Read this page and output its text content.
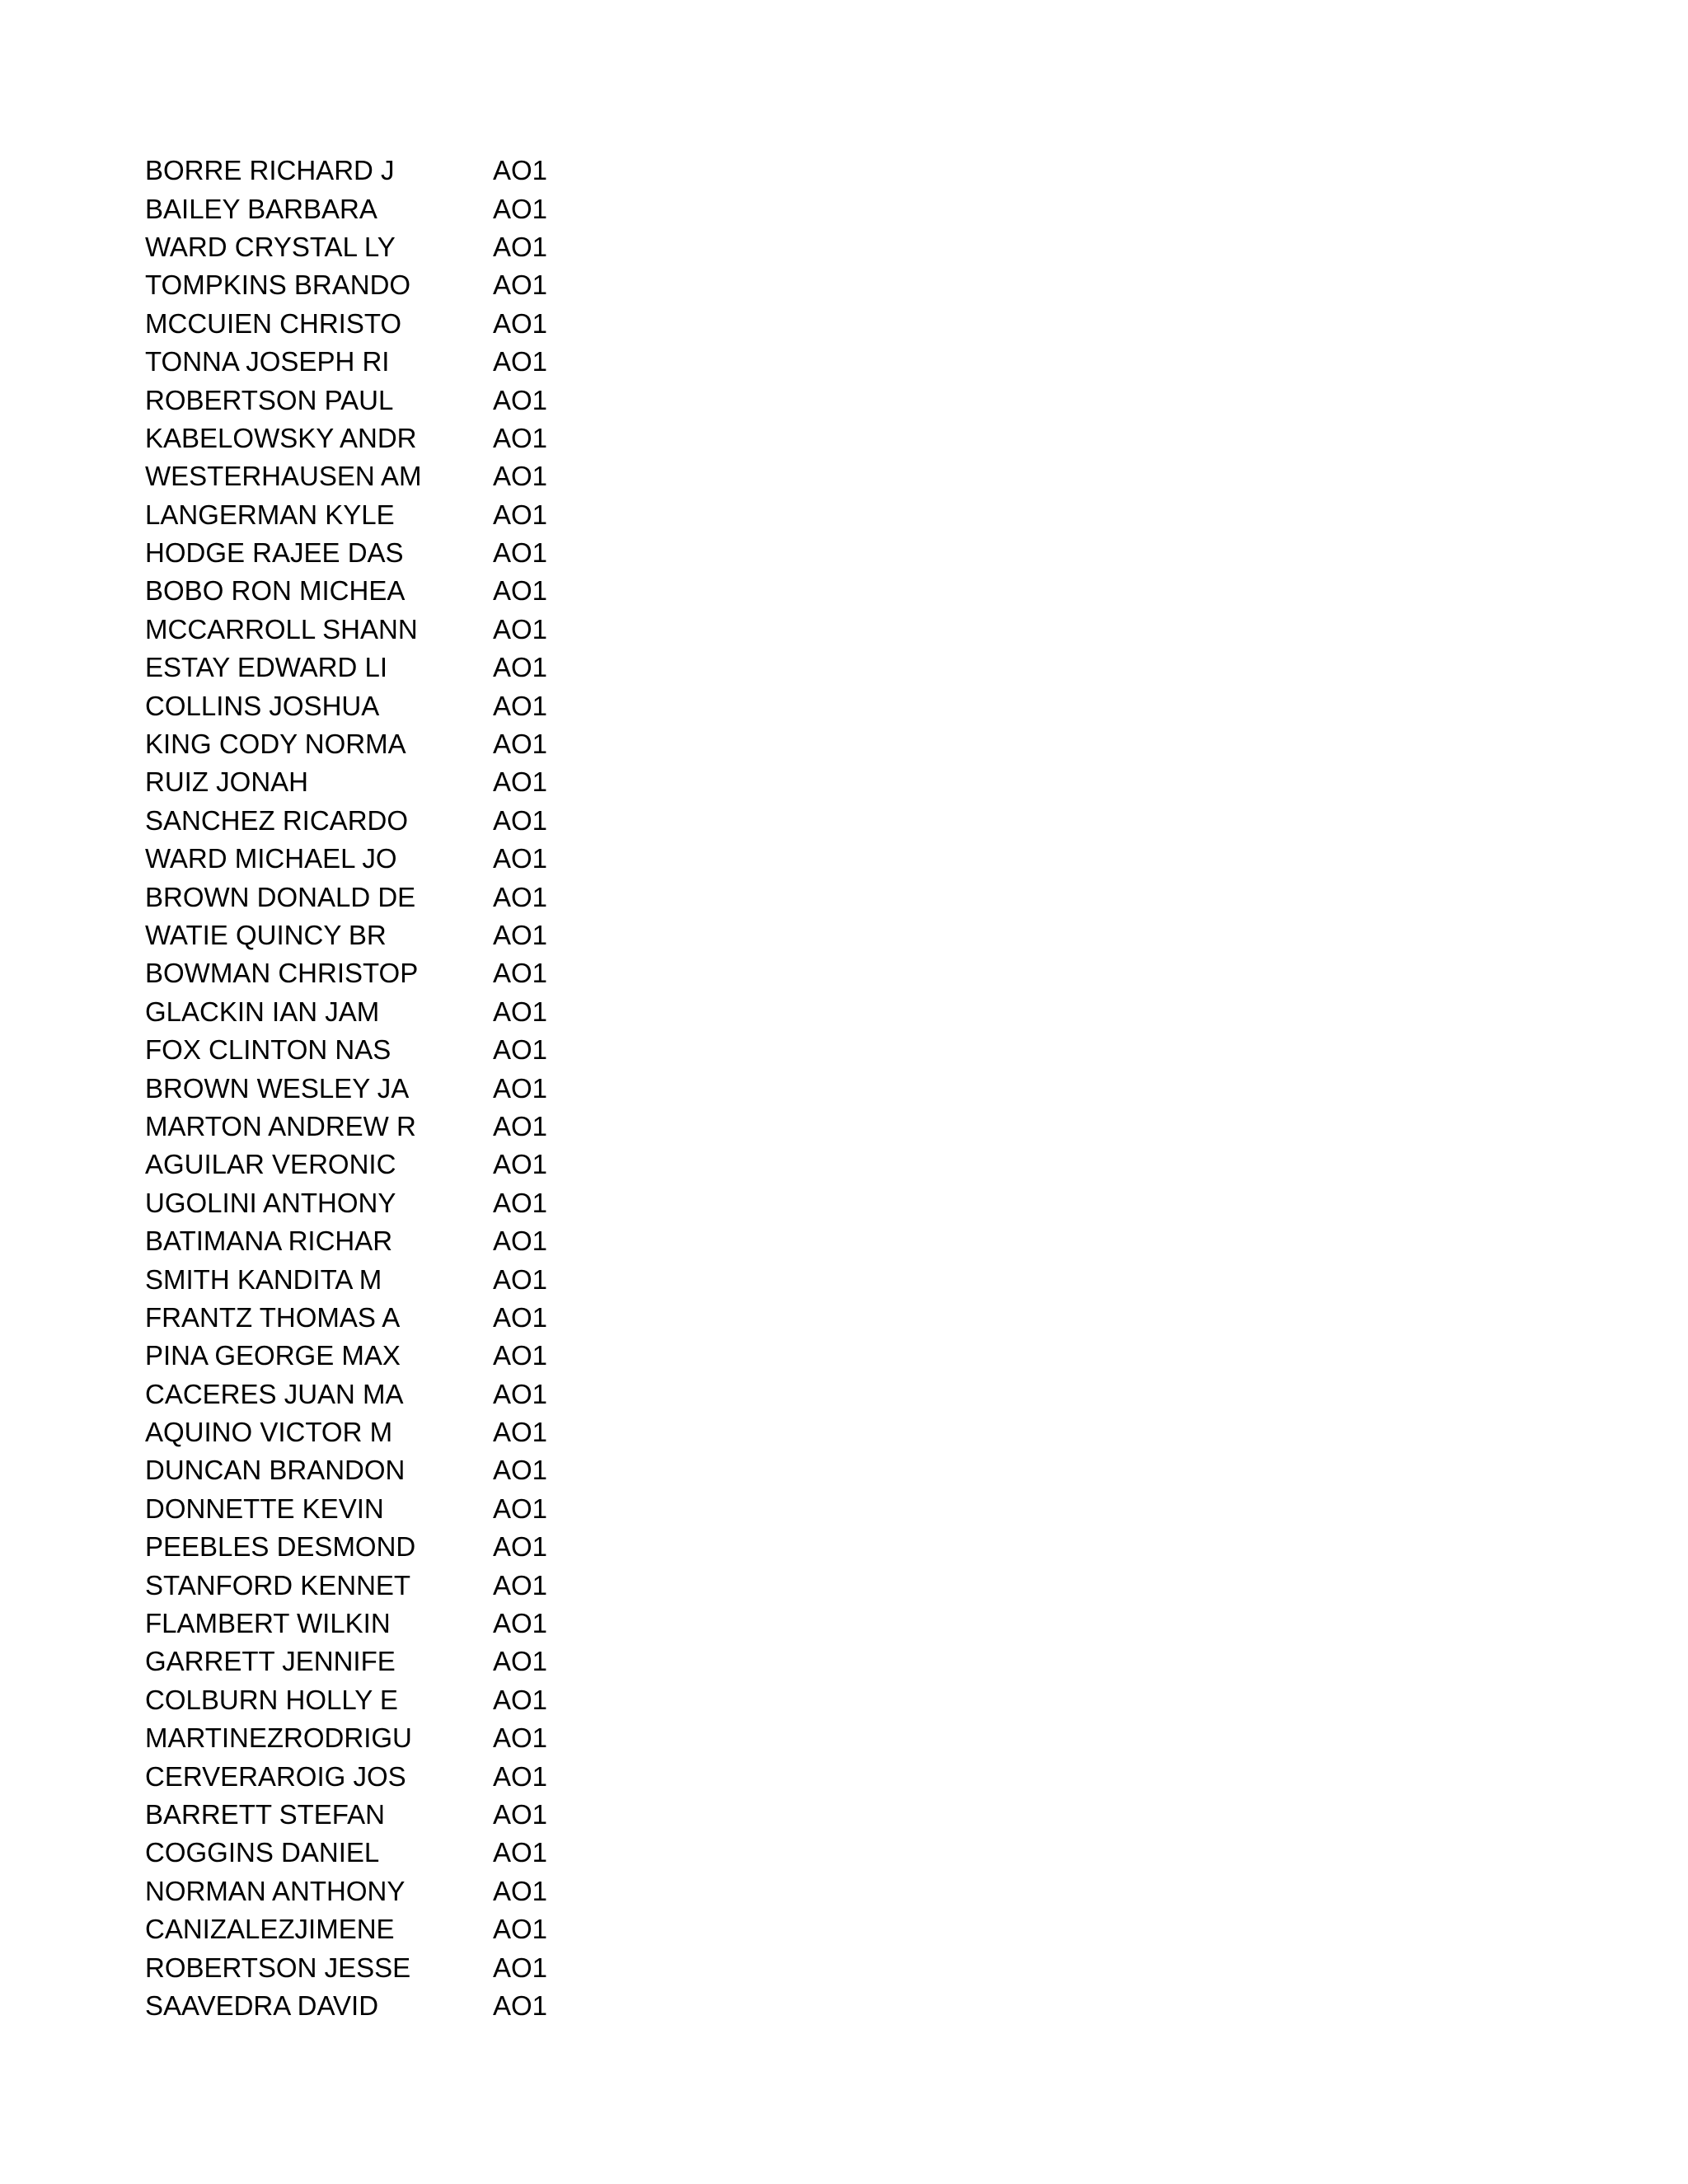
BORRE RICHARD J	AO1
BAILEY BARBARA	AO1
WARD CRYSTAL LY	AO1
TOMPKINS BRANDO	AO1
MCCUIEN CHRISTO	AO1
TONNA JOSEPH RI	AO1
ROBERTSON PAUL	AO1
KABELOWSKY ANDR	AO1
WESTERHAUSEN AM	AO1
LANGERMAN KYLE	AO1
HODGE RAJEE DAS	AO1
BOBO RON MICHEA	AO1
MCCARROLL SHANN	AO1
ESTAY EDWARD LI	AO1
COLLINS JOSHUA	AO1
KING CODY NORMA	AO1
RUIZ JONAH	AO1
SANCHEZ RICARDO	AO1
WARD MICHAEL JO	AO1
BROWN DONALD DE	AO1
WATIE QUINCY BR	AO1
BOWMAN CHRISTOP	AO1
GLACKIN IAN JAM	AO1
FOX CLINTON NAS	AO1
BROWN WESLEY JA	AO1
MARTON ANDREW R	AO1
AGUILAR VERONIC	AO1
UGOLINI ANTHONY	AO1
BATIMANA RICHAR	AO1
SMITH KANDITA M	AO1
FRANTZ THOMAS A	AO1
PINA GEORGE MAX	AO1
CACERES JUAN MA	AO1
AQUINO VICTOR M	AO1
DUNCAN BRANDON	AO1
DONNETTE KEVIN	AO1
PEEBLES DESMOND	AO1
STANFORD KENNET	AO1
FLAMBERT WILKIN	AO1
GARRETT JENNIFE	AO1
COLBURN HOLLY E	AO1
MARTINEZRODRIGU	AO1
CERVERAROIG JOS	AO1
BARRETT STEFAN	AO1
COGGINS DANIEL	AO1
NORMAN ANTHONY	AO1
CANIZALEZJIMENE	AO1
ROBERTSON JESSE	AO1
SAAVEDRA DAVID	AO1
